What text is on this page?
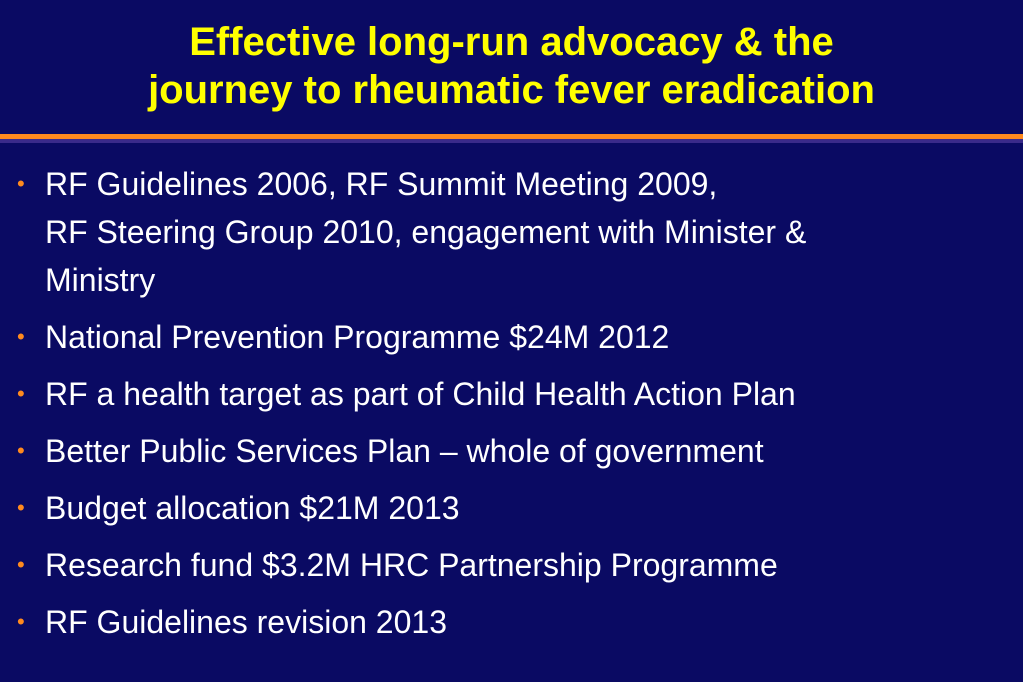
Effective long-run advocacy & the
journey to rheumatic fever eradication
• RF Guidelines 2006, RF Summit Meeting 2009,
RF Steering Group 2010, engagement with Minister &
Ministry
• National Prevention Programme $24M 2012
• RF a health target as part of Child Health Action Plan
• Better Public Services Plan – whole of government
• Budget allocation $21M 2013
• Research fund $3.2M HRC Partnership Programme
• RF Guidelines revision 2013
